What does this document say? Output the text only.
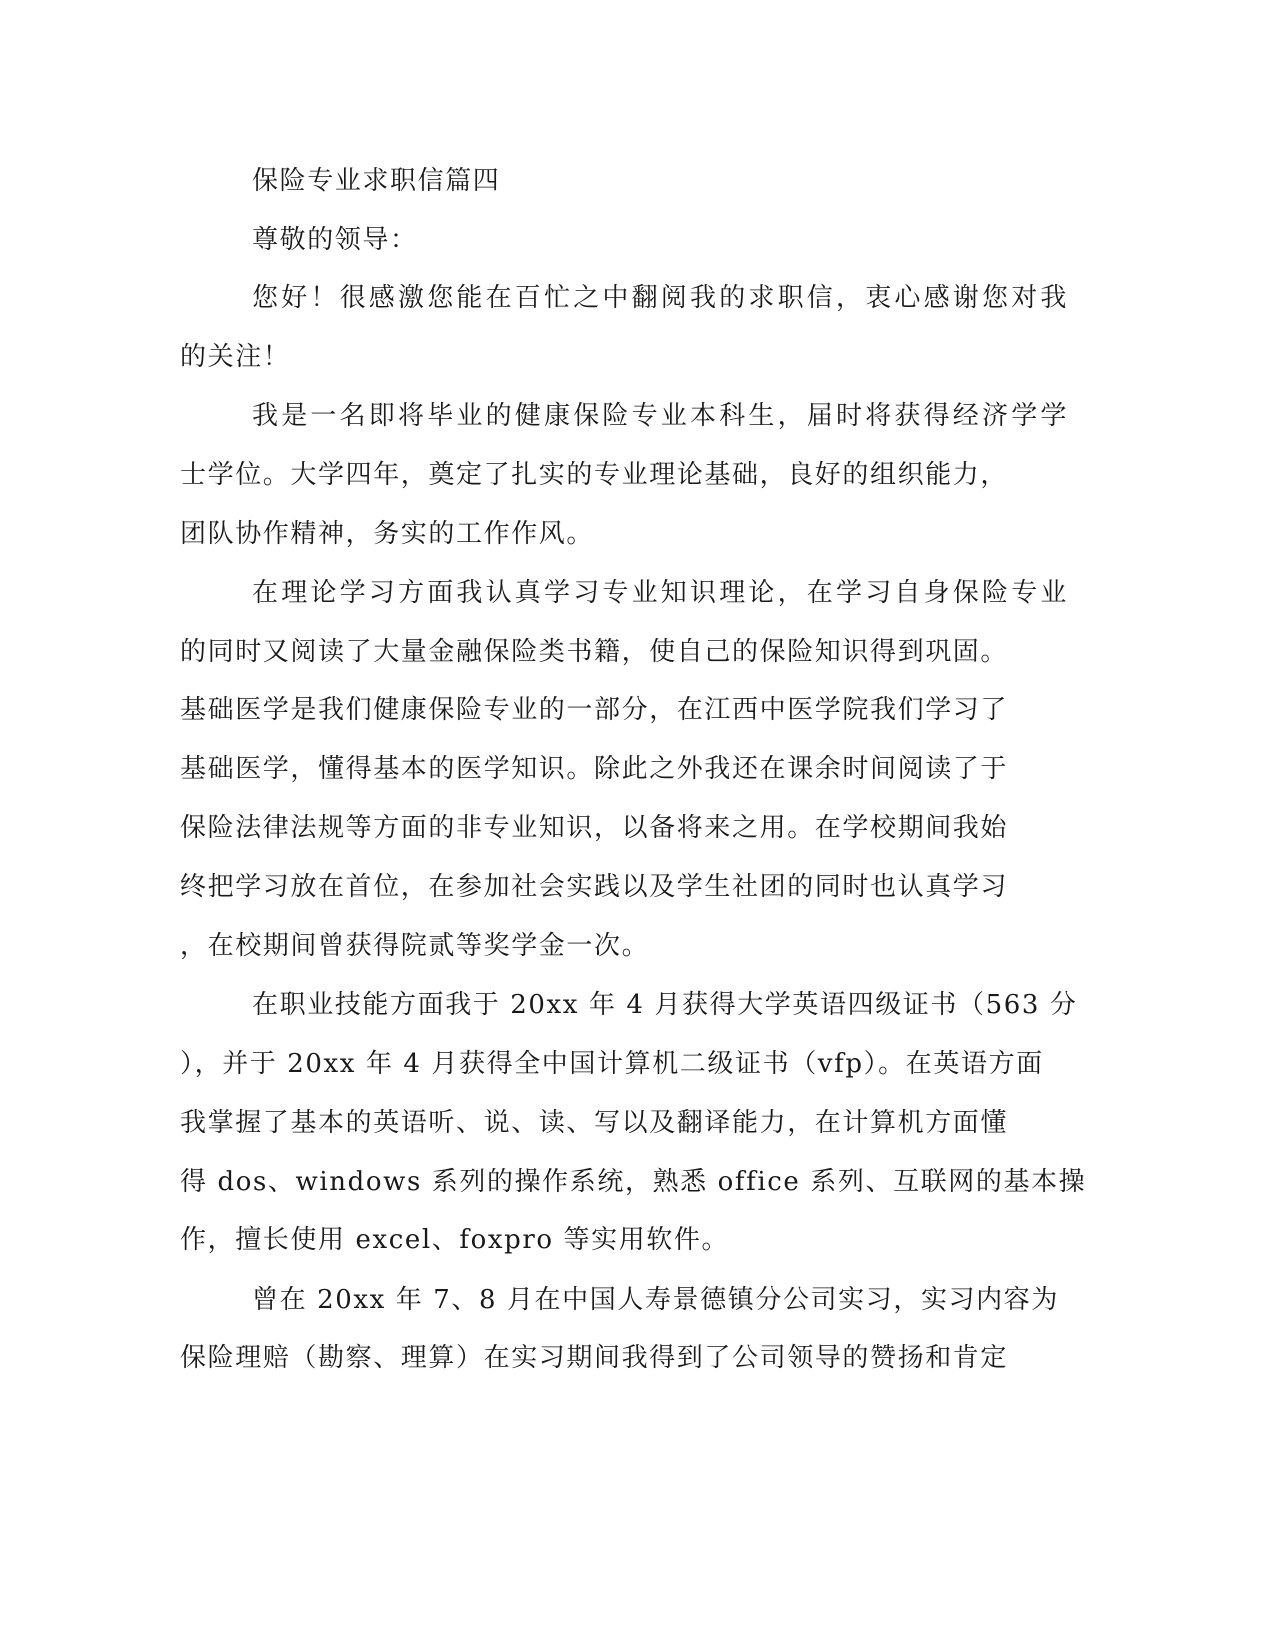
保险专业求职信篇四
尊敬的领导：
您好！很感激您能在百忙之中翻阅我的求职信，衷心感谢您对我
的关注！
我是一名即将毕业的健康保险专业本科生，届时将获得经济学学
士学位。大学四年，奠定了扎实的专业理论基础，良好的组织能力，
团队协作精神，务实的工作作风。
在理论学习方面我认真学习专业知识理论，在学习自身保险专业
的同时又阅读了大量金融保险类书籍，使自己的保险知识得到巩固。
基础医学是我们健康保险专业的一部分，在江西中医学院我们学习了
基础医学，懂得基本的医学知识。除此之外我还在课余时间阅读了于
保险法律法规等方面的非专业知识，以备将来之用。在学校期间我始
终把学习放在首位，在参加社会实践以及学生社团的同时也认真学习
，在校期间曾获得院贰等奖学金一次。
在职业技能方面我于 20xx 年 4 月获得大学英语四级证书（563 分
），并于 20xx 年 4 月获得全中国计算机二级证书（vfp）。在英语方面
我掌握了基本的英语听、说、读、写以及翻译能力，在计算机方面懂
得 dos、windows 系列的操作系统，熟悉 office 系列、互联网的基本操
作，擅长使用 excel、foxpro 等实用软件。
曾在 20xx 年 7、8 月在中国人寿景德镇分公司实习，实习内容为
保险理赔（勘察、理算）在实习期间我得到了公司领导的赞扬和肯定
